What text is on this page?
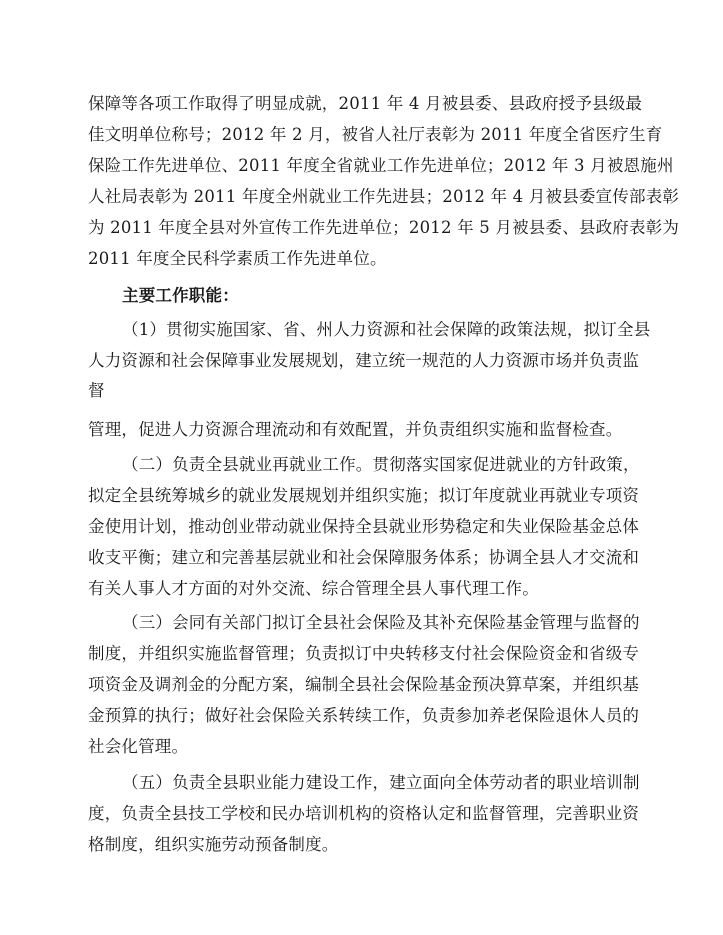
保障等各项工作取得了明显成就，2011 年 4 月被县委、县政府授予县级最
佳文明单位称号；2012 年 2 月，被省人社厅表彰为 2011 年度全省医疗生育
保险工作先进单位、2011 年度全省就业工作先进单位；2012 年 3 月被恩施州
人社局表彰为 2011 年度全州就业工作先进县；2012 年 4 月被县委宣传部表彰
为 2011 年度全县对外宣传工作先进单位；2012 年 5 月被县委、县政府表彰为
2011 年度全民科学素质工作先进单位。
主要工作职能：
（1）贯彻实施国家、省、州人力资源和社会保障的政策法规，拟订全县
人力资源和社会保障事业发展规划，建立统一规范的人力资源市场并负责监
督
管理，促进人力资源合理流动和有效配置，并负责组织实施和监督检查。
（二）负责全县就业再就业工作。贯彻落实国家促进就业的方针政策，
拟定全县统筹城乡的就业发展规划并组织实施；拟订年度就业再就业专项资
金使用计划，推动创业带动就业保持全县就业形势稳定和失业保险基金总体
收支平衡；建立和完善基层就业和社会保障服务体系；协调全县人才交流和
有关人事人才方面的对外交流、综合管理全县人事代理工作。
（三）会同有关部门拟订全县社会保险及其补充保险基金管理与监督的
制度，并组织实施监督管理；负责拟订中央转移支付社会保险资金和省级专
项资金及调剂金的分配方案，编制全县社会保险基金预决算草案，并组织基
金预算的执行；做好社会保险关系转续工作，负责参加养老保险退休人员的
社会化管理。
（五）负责全县职业能力建设工作，建立面向全体劳动者的职业培训制
度，负责全县技工学校和民办培训机构的资格认定和监督管理，完善职业资
格制度，组织实施劳动预备制度。
